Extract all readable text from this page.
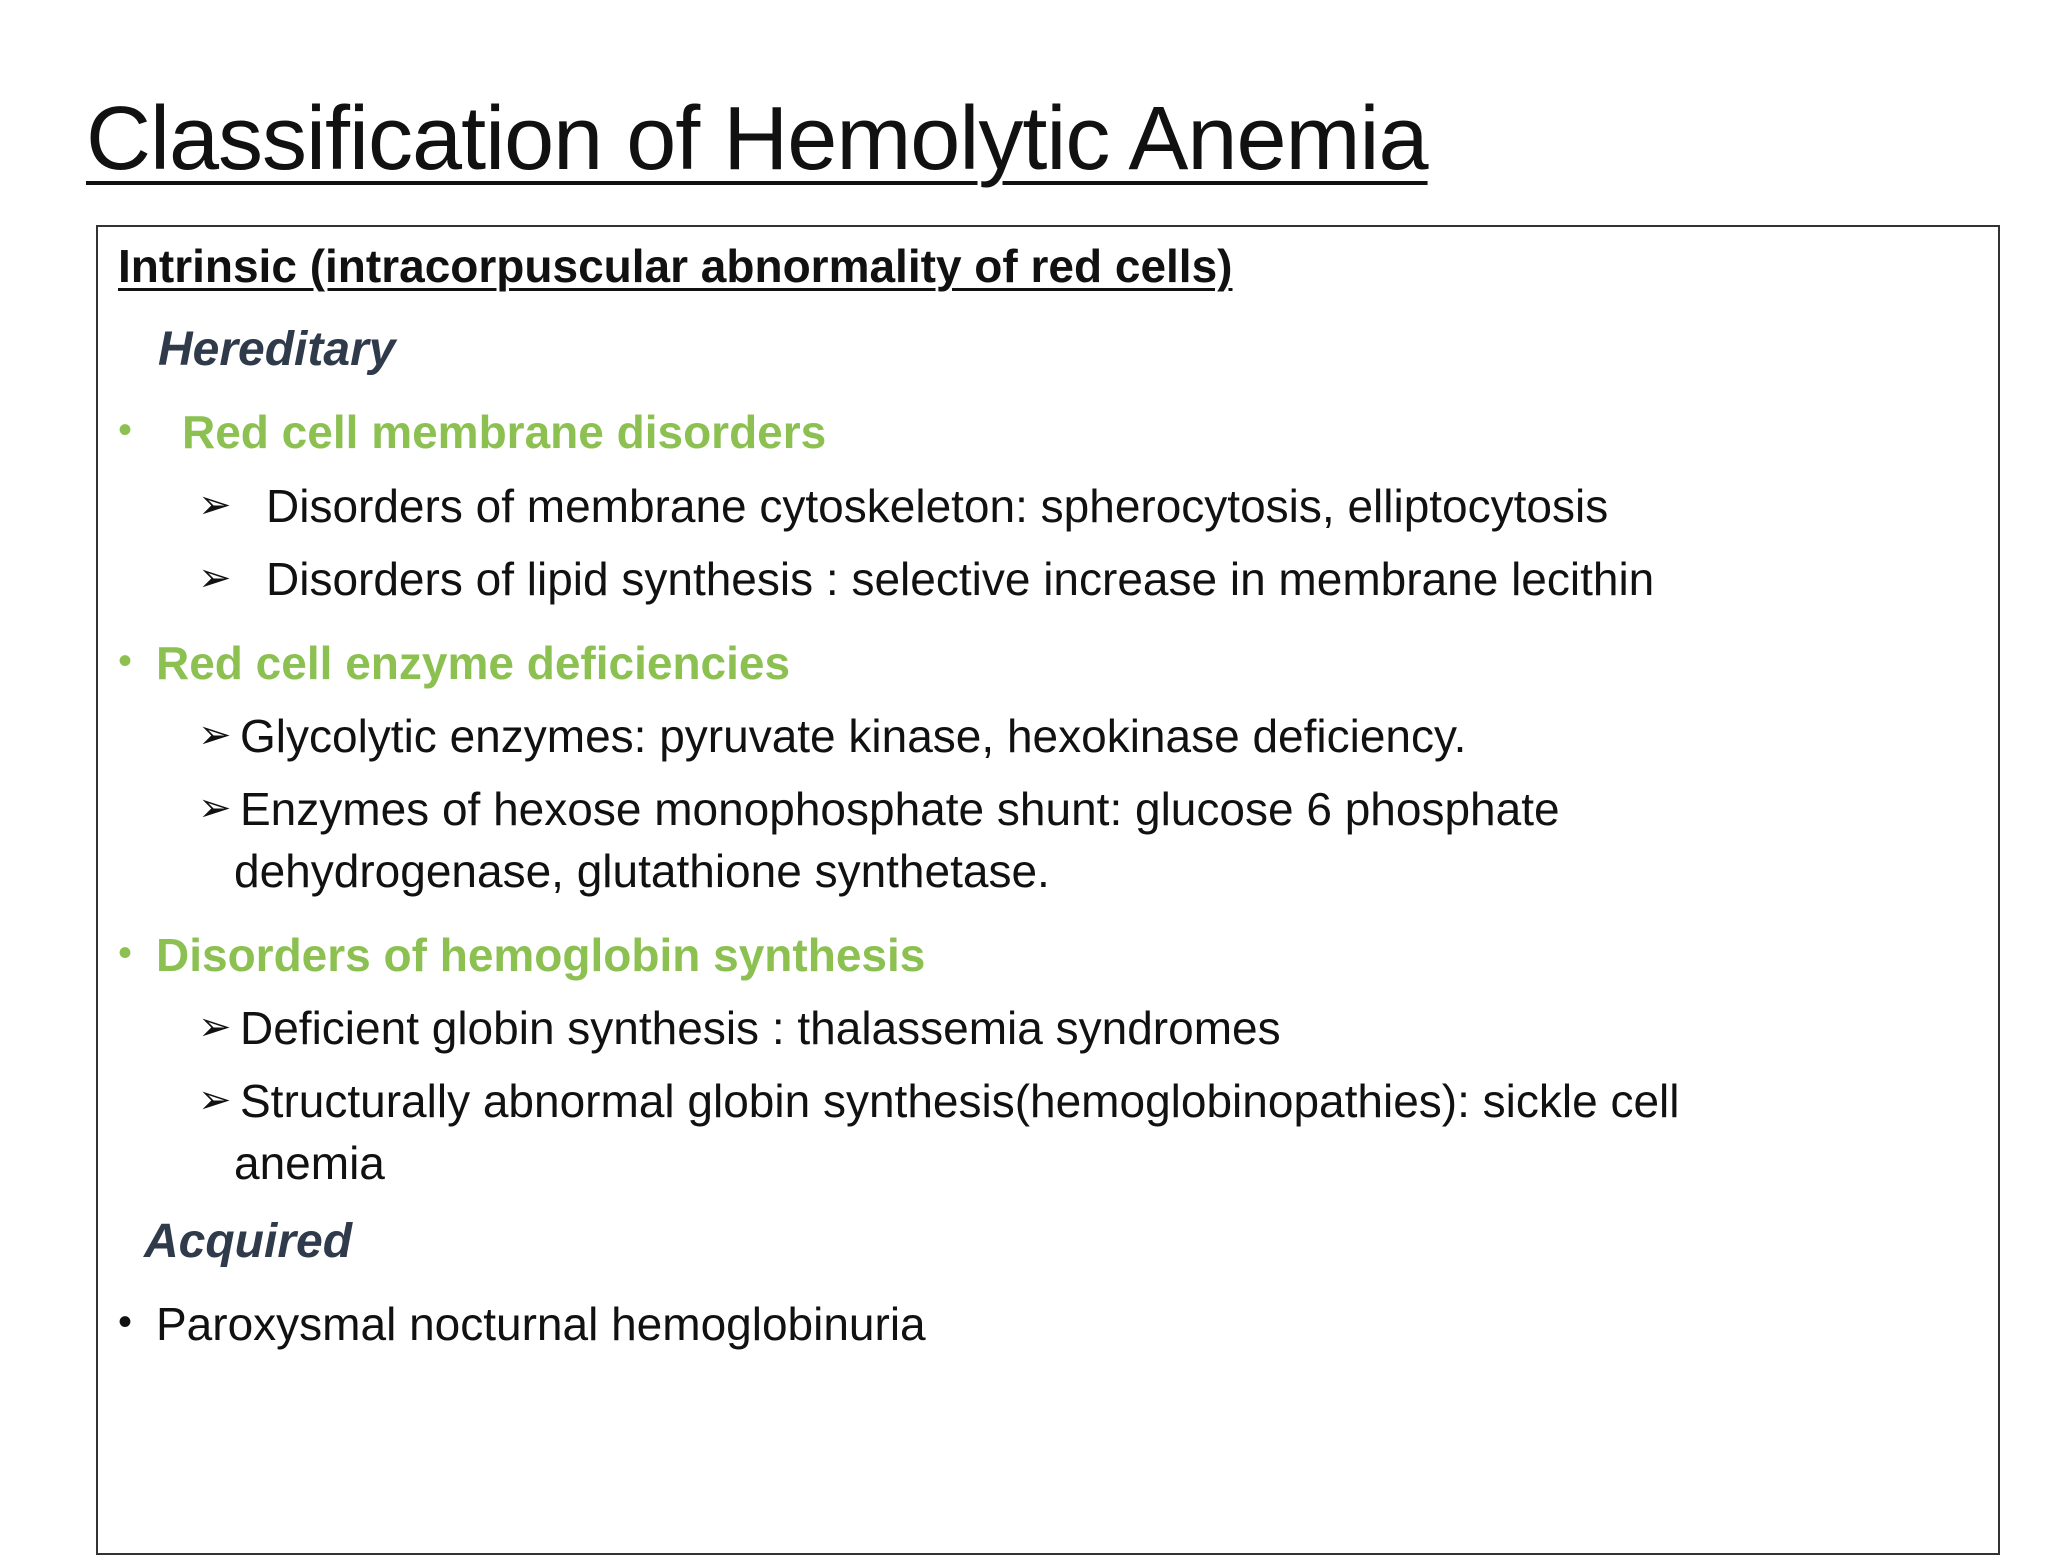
Classification of Hemolytic Anemia
Intrinsic (intracorpuscular abnormality of red cells)
Hereditary
• Red cell membrane disorders
➢ Disorders of membrane cytoskeleton: spherocytosis, elliptocytosis
➢ Disorders of lipid synthesis : selective increase in membrane lecithin
• Red cell enzyme deficiencies
➢ Glycolytic enzymes: pyruvate kinase, hexokinase deficiency.
➢ Enzymes of hexose monophosphate shunt: glucose 6 phosphate
dehydrogenase, glutathione synthetase.
• Disorders of hemoglobin synthesis
➢ Deficient globin synthesis : thalassemia syndromes
➢ Structurally abnormal globin synthesis(hemoglobinopathies): sickle cell
anemia
Acquired
• Paroxysmal nocturnal hemoglobinuria
